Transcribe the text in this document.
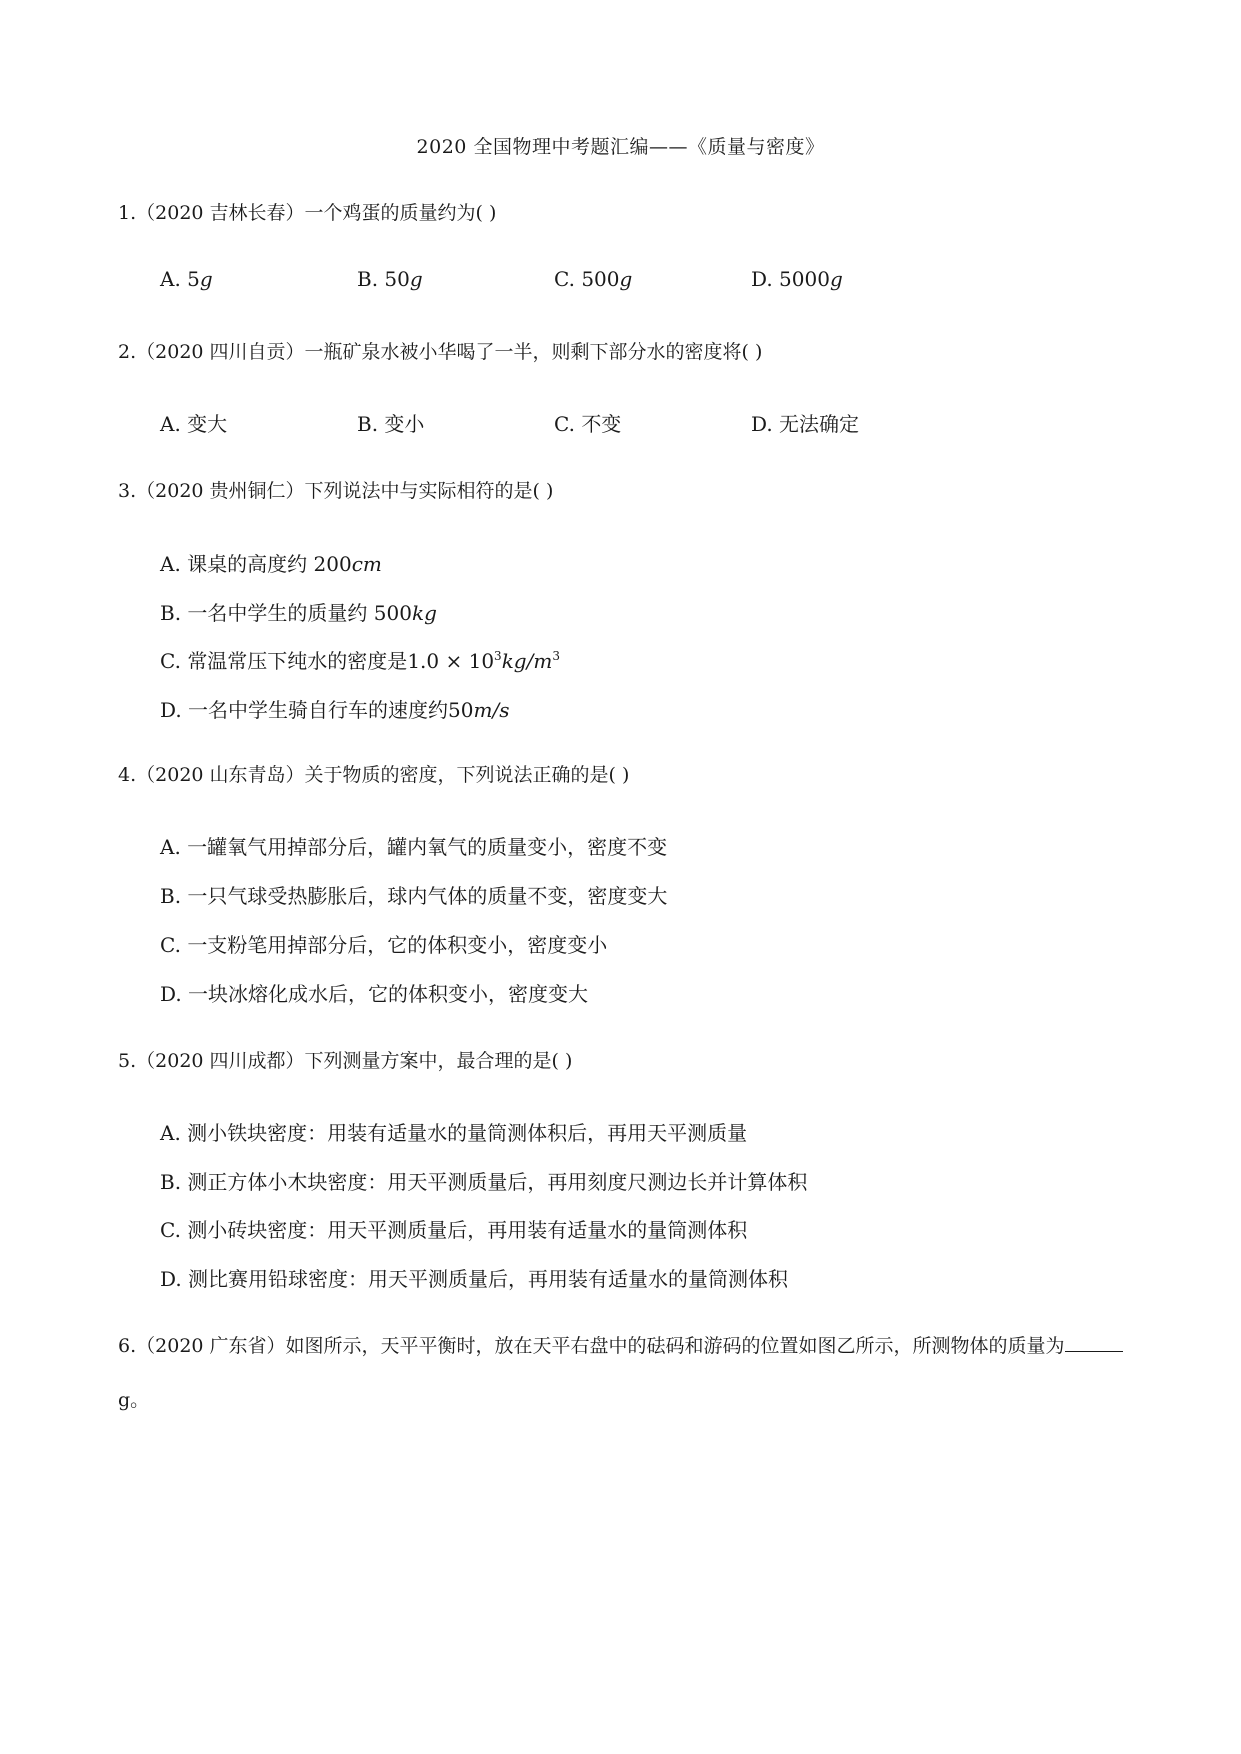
2020 全国物理中考题汇编——《质量与密度》
1.（2020 吉林长春）一个鸡蛋的质量约为( )
A. 5g	B. 50g	C. 500g	D. 5000g
2.（2020 四川自贡）一瓶矿泉水被小华喝了一半，则剩下部分水的密度将( )
A. 变大	B. 变小	C. 不变	D. 无法确定
3.（2020 贵州铜仁）下列说法中与实际相符的是( )
A. 课桌的高度约 200cm
B. 一名中学生的质量约 500kg
C. 常温常压下纯水的密度是$1.0 \times 10^3kg/m^3$
D. 一名中学生骑自行车的速度约50m/s
4.（2020 山东青岛）关于物质的密度，下列说法正确的是( )
A. 一罐氧气用掉部分后，罐内氧气的质量变小，密度不变
B. 一只气球受热膨胀后，球内气体的质量不变，密度变大
C. 一支粉笔用掉部分后，它的体积变小，密度变小
D. 一块冰熔化成水后，它的体积变小，密度变大
5.（2020 四川成都）下列测量方案中，最合理的是( )
A. 测小铁块密度：用装有适量水的量筒测体积后，再用天平测质量
B. 测正方体小木块密度：用天平测质量后，再用刻度尺测边长并计算体积
C. 测小砖块密度：用天平测质量后，再用装有适量水的量筒测体积
D. 测比赛用铅球密度：用天平测质量后，再用装有适量水的量筒测体积
6.（2020 广东省）如图所示，天平平衡时，放在天平右盘中的砝码和游码的位置如图乙所示，所测物体的质量为g。
